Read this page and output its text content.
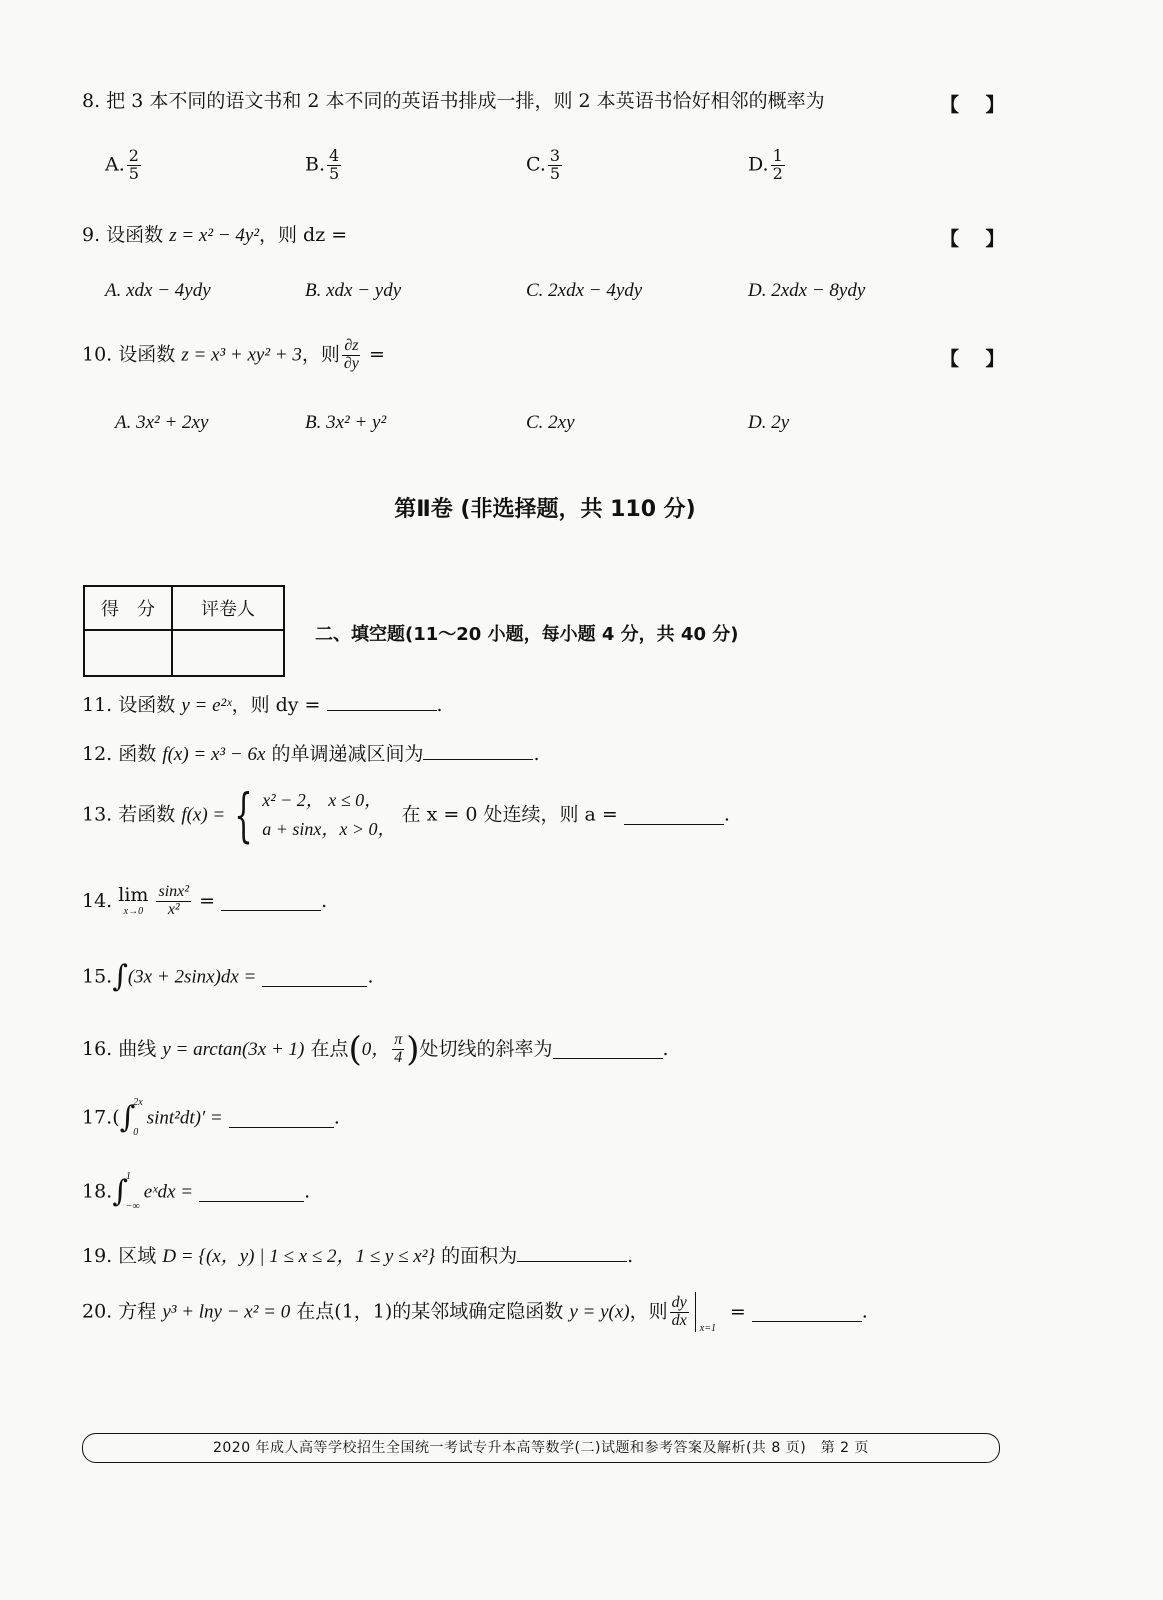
8. 把 3 本不同的语文书和 2 本不同的英语书排成一排，则 2 本英语书恰好相邻的概率为	【    】
A. $\frac{2}{5}$	B. $\frac{4}{5}$	C. $\frac{3}{5}$	D. $\frac{1}{2}$
9. 设函数 z = x² − 4y²，则 dz =	【    】
A. xdx − 4ydy	B. xdx − ydy	C. 2xdx − 4ydy	D. 2xdx − 8ydy
10. 设函数 z = x³ + xy² + 3，则 $\frac{\partial z}{\partial y}$ =	【    】
A. 3x² + 2xy	B. 3x² + y²	C. 2xy	D. 2y
第Ⅱ卷 (非选择题，共 110 分)
得　分	评卷人

二、填空题(11～20 小题，每小题 4 分，共 40 分)
11. 设函数 y = e²ˣ，则 dy =	.
12. 函数 f(x) = x³ − 6x 的单调递减区间为	.
13. 若函数 f(x) = { x² − 2， x ≤ 0，
a + sinx，x > 0，
在 x = 0 处连续，则 a =	.
14. lim
x→0
$\frac{\text{sinx²}}{\text{x²}}$ =	.
15.∫(3x + 2sinx)dx =	.
16. 曲线 y = arctan(3x + 1) 在点(0， $\frac{\pi}{4}$ )处切线的斜率为	.
17.(∫
2x
0
sint²dt)′ =	.
18.∫
1
−∞
eˣdx =	.
19. 区域 D = {(x，y) | 1 ≤ x ≤ 2，1 ≤ y ≤ x²} 的面积为	.
20. 方程 y³ + lny − x² = 0 在点(1，1)的某邻域确定隐函数 y = y(x)，则 $\frac{dy}{dx} x=1$
=	.
2020 年成人高等学校招生全国统一考试专升本高等数学(二)试题和参考答案及解析(共 8 页)　第 2 页
